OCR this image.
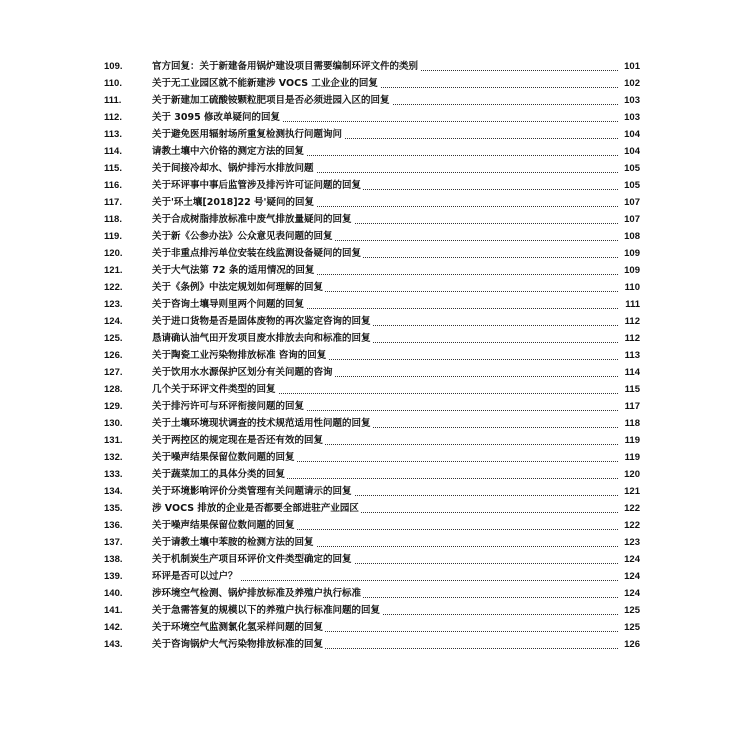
109.	官方回复：关于新建备用锅炉建设项目需要编制环评文件的类别	101
110.	关于无工业园区就不能新建涉 VOCS 工业企业的回复	102
111.	关于新建加工硫酸铵颗粒肥项目是否必须进园入区的回复	103
112.	关于 3095 修改单疑问的回复	103
113.	关于避免医用辐射场所重复检测执行问题询问	104
114.	请教土壤中六价铬的测定方法的回复	104
115.	关于间接冷却水、锅炉排污水排放问题	105
116.	关于环评事中事后监管涉及排污许可证问题的回复	105
117.	关于'环土壤[2018]22 号'疑问的回复	107
118.	关于合成树脂排放标准中废气排放量疑问的回复	107
119.	关于新《公参办法》公众意见表问题的回复	108
120.	关于非重点排污单位安装在线监测设备疑问的回复	109
121.	关于大气法第 72 条的适用情况的回复	109
122.	关于《条例》中法定规划如何理解的回复	110
123.	关于咨询土壤导则里两个问题的回复	111
124.	关于进口货物是否是固体废物的再次鉴定咨询的回复	112
125.	恳请确认油气田开发项目废水排放去向和标准的回复	112
126.	关于陶瓷工业污染物排放标准 咨询的回复	113
127.	关于饮用水水源保护区划分有关问题的咨询	114
128.	几个关于环评文件类型的回复	115
129.	关于排污许可与环评衔接问题的回复	117
130.	关于土壤环境现状调查的技术规范适用性问题的回复	118
131.	关于两控区的规定现在是否还有效的回复	119
132.	关于噪声结果保留位数问题的回复	119
133.	关于蔬菜加工的具体分类的回复	120
134.	关于环境影响评价分类管理有关问题请示的回复	121
135.	涉 VOCS 排放的企业是否都要全部进驻产业园区	122
136.	关于噪声结果保留位数问题的回复	122
137.	关于请教土壤中苯胺的检测方法的回复	123
138.	关于机制炭生产项目环评价文件类型确定的回复	124
139.	环评是否可以过户？	124
140.	涉环境空气检测、锅炉排放标准及养殖户执行标准	124
141.	关于急需答复的规模以下的养殖户执行标准问题的回复	125
142.	关于环境空气监测氯化氢采样问题的回复	125
143.	关于咨询锅炉大气污染物排放标准的回复	126
